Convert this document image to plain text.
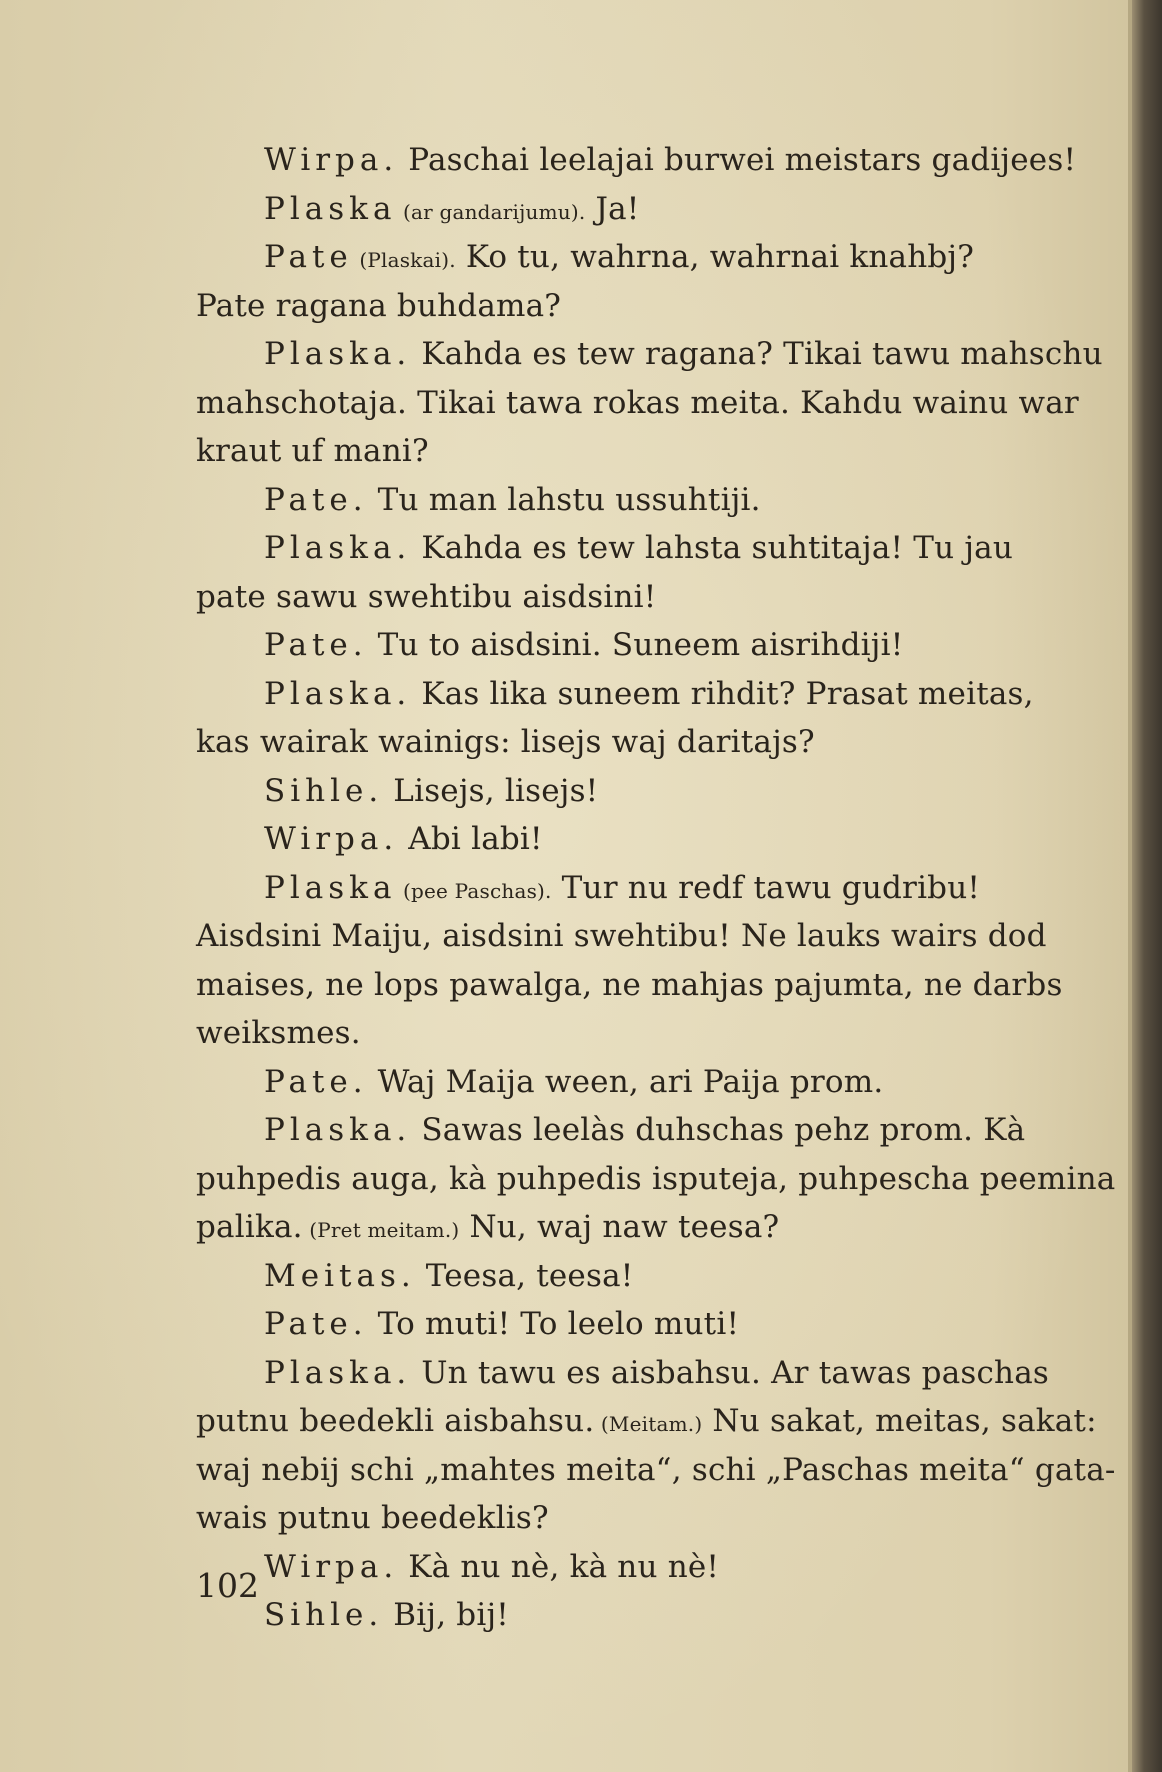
Wirpa. Paschai leelajai burwei meistars gadijees!
Plaska (ar gandarijumu). Ja!
Pate (Plaskai). Ko tu, wahrna, wahrnai knahbj?
Pate ragana buhdama?
Plaska. Kahda es tew ragana? Tikai tawu mahschu
mahschotaja. Tikai tawa rokas meita. Kahdu wainu war
kraut uf mani?
Pate. Tu man lahstu ussuhtiji.
Plaska. Kahda es tew lahsta suhtitaja! Tu jau
pate sawu swehtibu aisdsini!
Pate. Tu to aisdsini. Suneem aisrihdiji!
Plaska. Kas lika suneem rihdit? Prasat meitas,
kas wairak wainigs: lisejs waj daritajs?
Sihle. Lisejs, lisejs!
Wirpa. Abi labi!
Plaska (pee Paschas). Tur nu redf tawu gudribu!
Aisdsini Maiju, aisdsini swehtibu! Ne lauks wairs dod
maises, ne lops pawalga, ne mahjas pajumta, ne darbs
weiksmes.
Pate. Waj Maija ween, ari Paija prom.
Plaska. Sawas leelàs duhschas pehz prom. Kà
puhpedis auga, kà puhpedis isputeja, puhpescha peemina
palika. (Pret meitam.) Nu, waj naw teesa?
Meitas. Teesa, teesa!
Pate. To muti! To leelo muti!
Plaska. Un tawu es aisbahsu. Ar tawas paschas
putnu beedekli aisbahsu. (Meitam.) Nu sakat, meitas, sakat:
waj nebij schi „mahtes meita“, schi „Paschas meita“ gata-
wais putnu beedeklis?
Wirpa. Kà nu nè, kà nu nè!
Sihle. Bij, bij!
102
